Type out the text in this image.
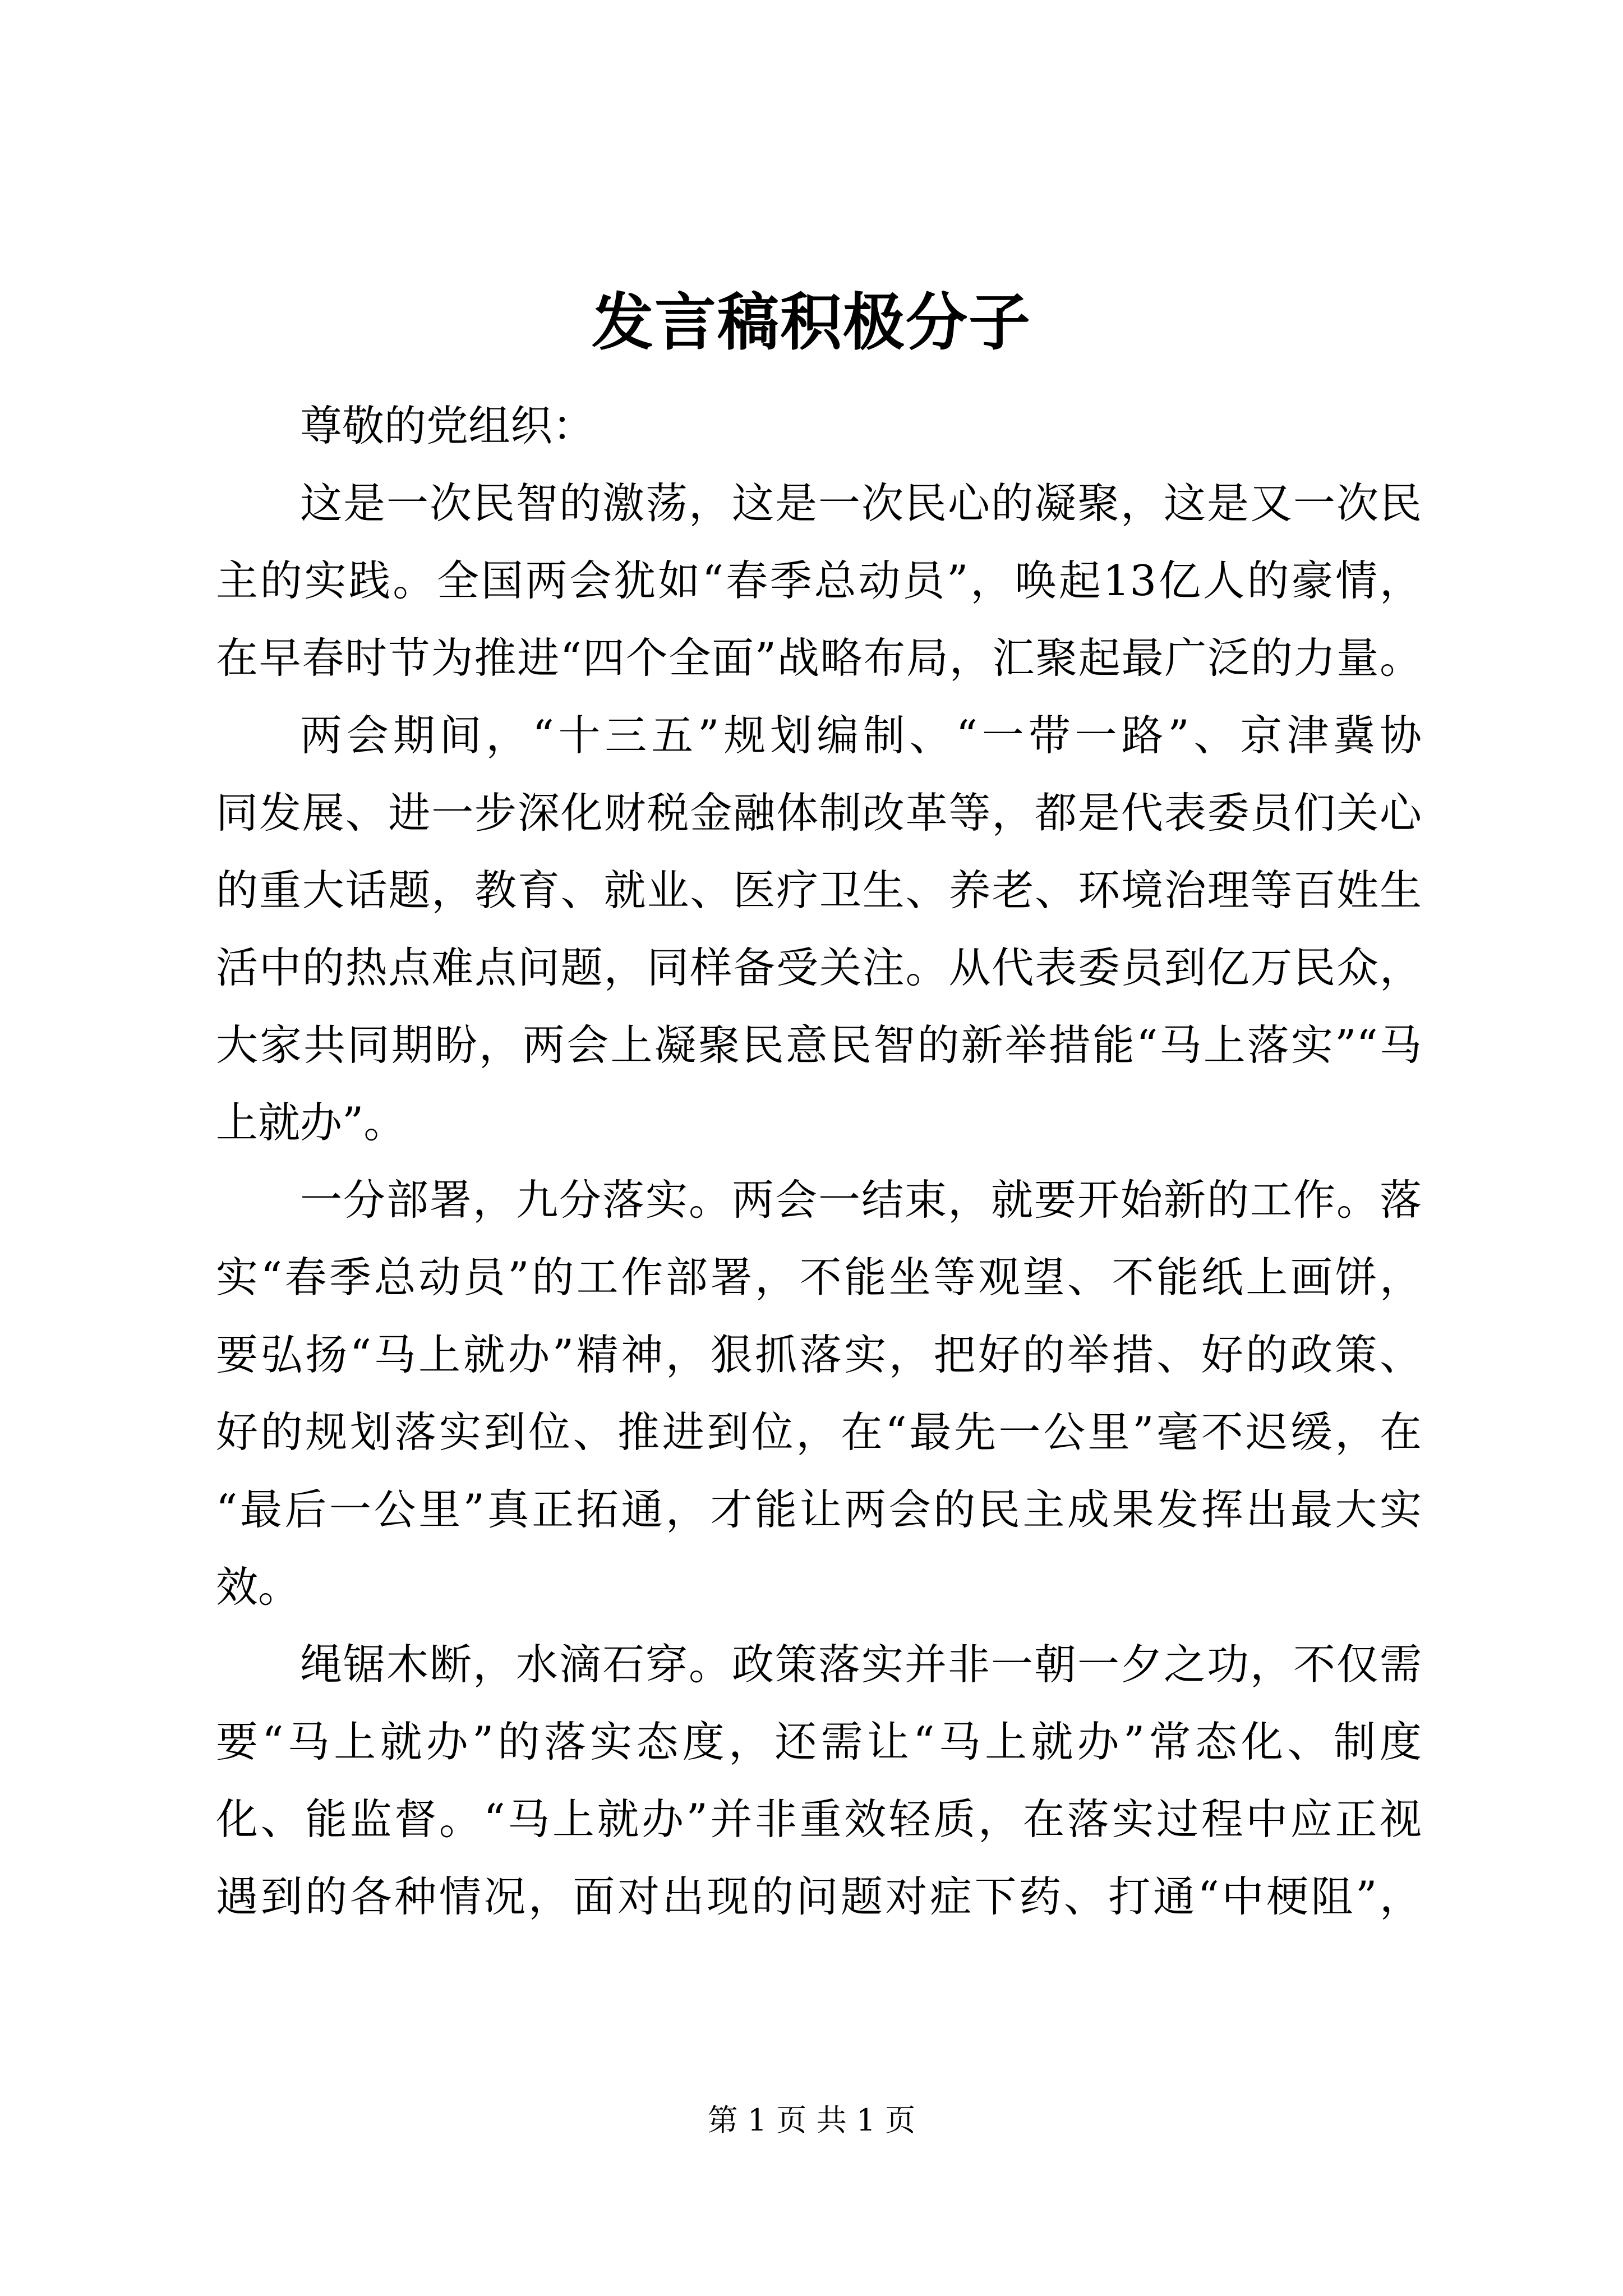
发言稿积极分子
尊敬的党组织：
这是一次民智的激荡，这是一次民心的凝聚，这是又一次民
主的实践。全国两会犹如“春季总动员”，唤起13亿人的豪情，
在早春时节为推进“四个全面”战略布局，汇聚起最广泛的力量。
两会期间，“十三五”规划编制、“一带一路”、京津冀协
同发展、进一步深化财税金融体制改革等，都是代表委员们关心
的重大话题，教育、就业、医疗卫生、养老、环境治理等百姓生
活中的热点难点问题，同样备受关注。从代表委员到亿万民众，
大家共同期盼，两会上凝聚民意民智的新举措能“马上落实”“马
上就办”。
一分部署，九分落实。两会一结束，就要开始新的工作。落
实“春季总动员”的工作部署，不能坐等观望、不能纸上画饼，
要弘扬“马上就办”精神，狠抓落实，把好的举措、好的政策、
好的规划落实到位、推进到位，在“最先一公里”毫不迟缓，在
“最后一公里”真正拓通，才能让两会的民主成果发挥出最大实
效。
绳锯木断，水滴石穿。政策落实并非一朝一夕之功，不仅需
要“马上就办”的落实态度，还需让“马上就办”常态化、制度
化、能监督。“马上就办”并非重效轻质，在落实过程中应正视
遇到的各种情况，面对出现的问题对症下药、打通“中梗阻”，
第 1 页 共 1 页
